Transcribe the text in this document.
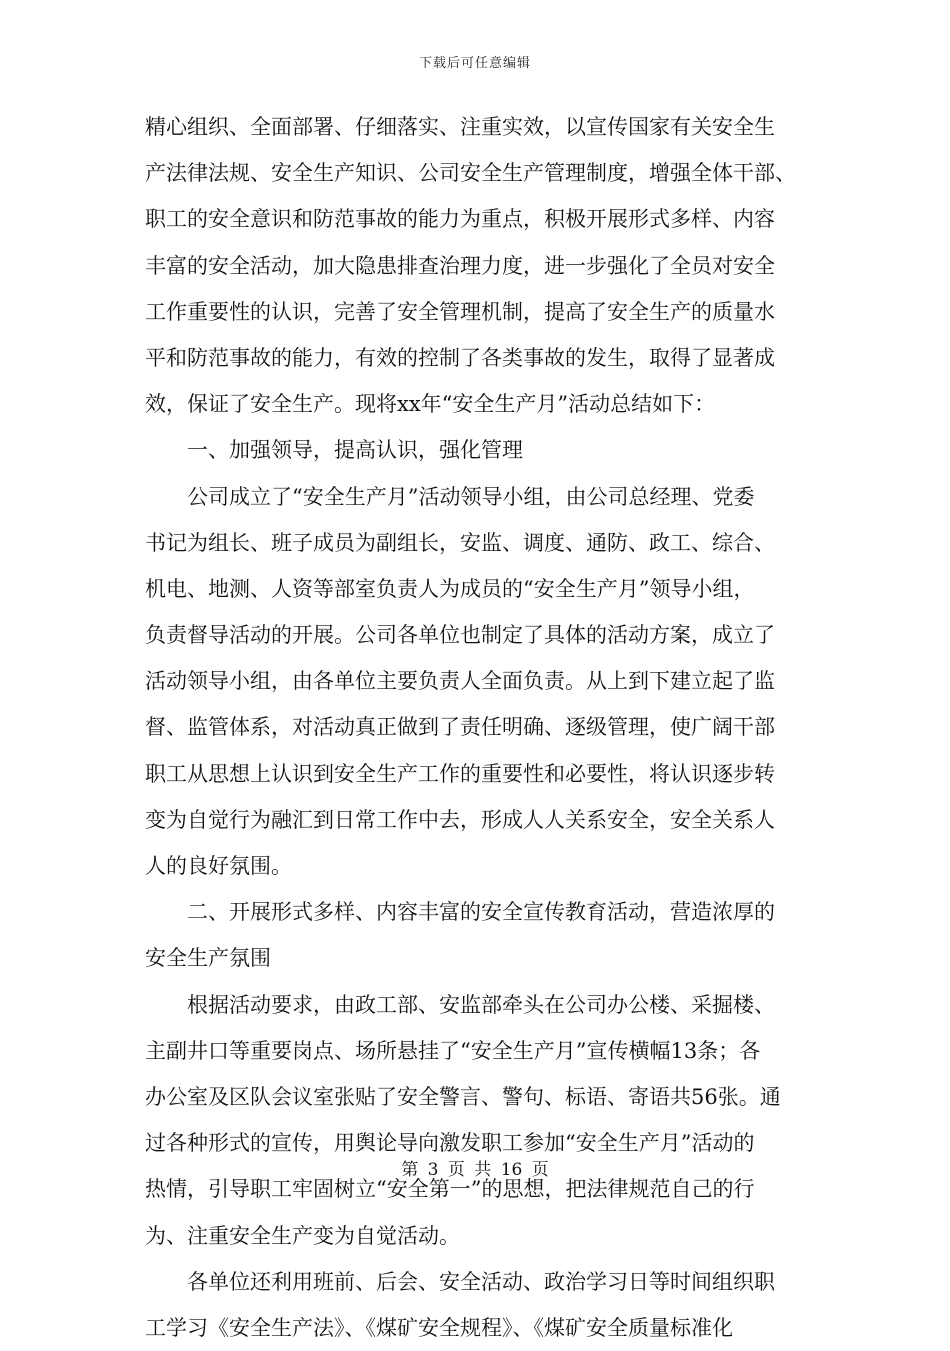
下载后可任意编辑
精心组织、全面部署、仔细落实、注重实效，以宣传国家有关安全生
产法律法规、安全生产知识、公司安全生产管理制度，增强全体干部、
职工的安全意识和防范事故的能力为重点，积极开展形式多样、内容
丰富的安全活动，加大隐患排查治理力度，进一步强化了全员对安全
工作重要性的认识，完善了安全管理机制，提高了安全生产的质量水
平和防范事故的能力，有效的控制了各类事故的发生，取得了显著成
效，保证了安全生产。现将xx年“安全生产月”活动总结如下：
一、加强领导，提高认识，强化管理
公司成立了“安全生产月”活动领导小组，由公司总经理、党委
书记为组长、班子成员为副组长，安监、调度、通防、政工、综合、
机电、地测、人资等部室负责人为成员的“安全生产月”领导小组，
负责督导活动的开展。公司各单位也制定了具体的活动方案，成立了
活动领导小组，由各单位主要负责人全面负责。从上到下建立起了监
督、监管体系，对活动真正做到了责任明确、逐级管理，使广阔干部
职工从思想上认识到安全生产工作的重要性和必要性，将认识逐步转
变为自觉行为融汇到日常工作中去，形成人人关系安全，安全关系人
人的良好氛围。
二、开展形式多样、内容丰富的安全宣传教育活动，营造浓厚的
安全生产氛围
根据活动要求，由政工部、安监部牵头在公司办公楼、采掘楼、
主副井口等重要岗点、场所悬挂了“安全生产月”宣传横幅13条；各
办公室及区队会议室张贴了安全警言、警句、标语、寄语共56张。通
过各种形式的宣传，用舆论导向激发职工参加“安全生产月”活动的
热情，引导职工牢固树立“安全第一”的思想，把法律规范自己的行
为、注重安全生产变为自觉活动。
各单位还利用班前、后会、安全活动、政治学习日等时间组织职
工学习《安全生产法》、《煤矿安全规程》、《煤矿安全质量标准化
第 3 页 共 16 页
